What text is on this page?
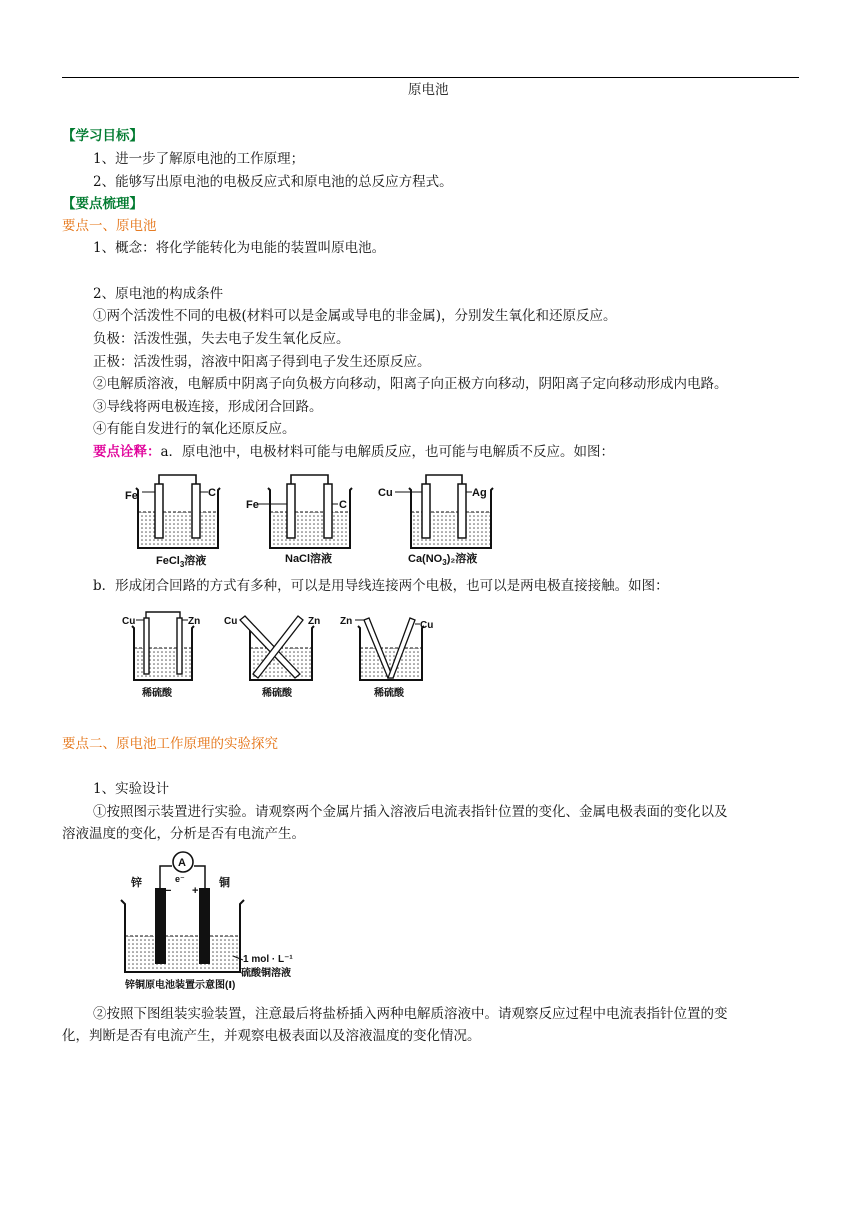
原电池
【学习目标】
1、进一步了解原电池的工作原理；
2、能够写出原电池的电极反应式和原电池的总反应方程式。
【要点梳理】
要点一、原电池
1、概念：将化学能转化为电能的装置叫原电池。
2、原电池的构成条件
①两个活泼性不同的电极(材料可以是金属或导电的非金属)，分别发生氧化和还原反应。
负极：活泼性强，失去电子发生氧化反应。
正极：活泼性弱，溶液中阳离子得到电子发生还原反应。
②电解质溶液，电解质中阴离子向负极方向移动，阳离子向正极方向移动，阴阳离子定向移动形成内电路。
③导线将两电极连接，形成闭合回路。
④有能自发进行的氧化还原反应。
要点诠释：a．原电池中，电极材料可能与电解质反应，也可能与电解质不反应。如图：
Fe	C
FeCl$_3$溶液
Fe	C
NaCl溶液
Cu	Ag
$Ca(NO_3)_2$溶液
b．形成闭合回路的方式有多种，可以是用导线连接两个电极，也可以是两电极直接接触。如图：
Cu	Zn
稀硫酸
Cu	Zn
稀硫酸
Zn	Cu
稀硫酸
要点二、原电池工作原理的实验探究
1、实验设计
①按照图示装置进行实验。请观察两个金属片插入溶液后电流表指针位置的变化、金属电极表面的变化以及
溶液温度的变化，分析是否有电流产生。
A
e⁻
− +
锌	铜
1 mol · L⁻¹
硫酸铜溶液
锌铜原电池装置示意图(Ⅰ)
②按照下图组装实验装置，注意最后将盐桥插入两种电解质溶液中。请观察反应过程中电流表指针位置的变
化，判断是否有电流产生，并观察电极表面以及溶液温度的变化情况。
